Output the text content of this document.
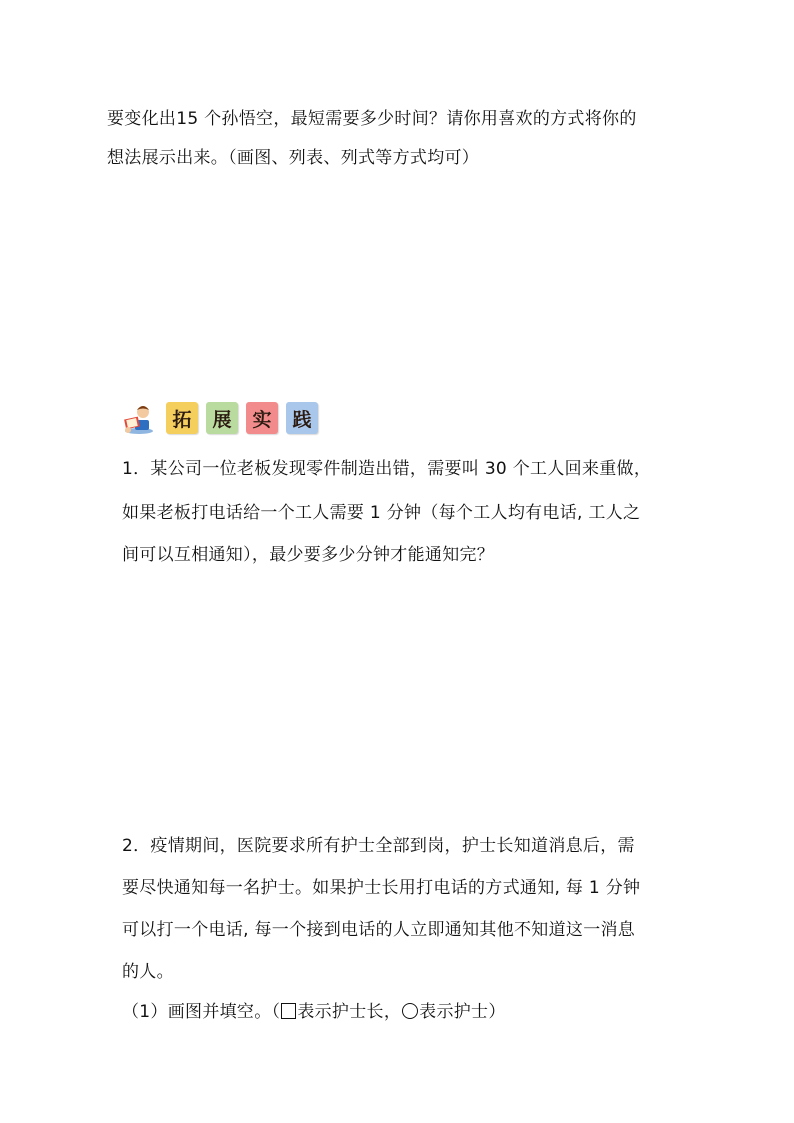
要变化出15 个孙悟空，最短需要多少时间？请你用喜欢的方式将你的
想法展示出来。（画图、列表、列式等方式均可）
拓	展	实	践
1．某公司一位老板发现零件制造出错，需要叫 30 个工人回来重做，
如果老板打电话给一个工人需要 1 分钟（每个工人均有电话, 工人之
间可以互相通知），最少要多少分钟才能通知完？
2．疫情期间，医院要求所有护士全部到岗，护士长知道消息后，需
要尽快通知每一名护士。如果护士长用打电话的方式通知, 每 1 分钟
可以打一个电话, 每一个接到电话的人立即通知其他不知道这一消息
的人。
（1）画图并填空。（ 表示护士长， 表示护士）
